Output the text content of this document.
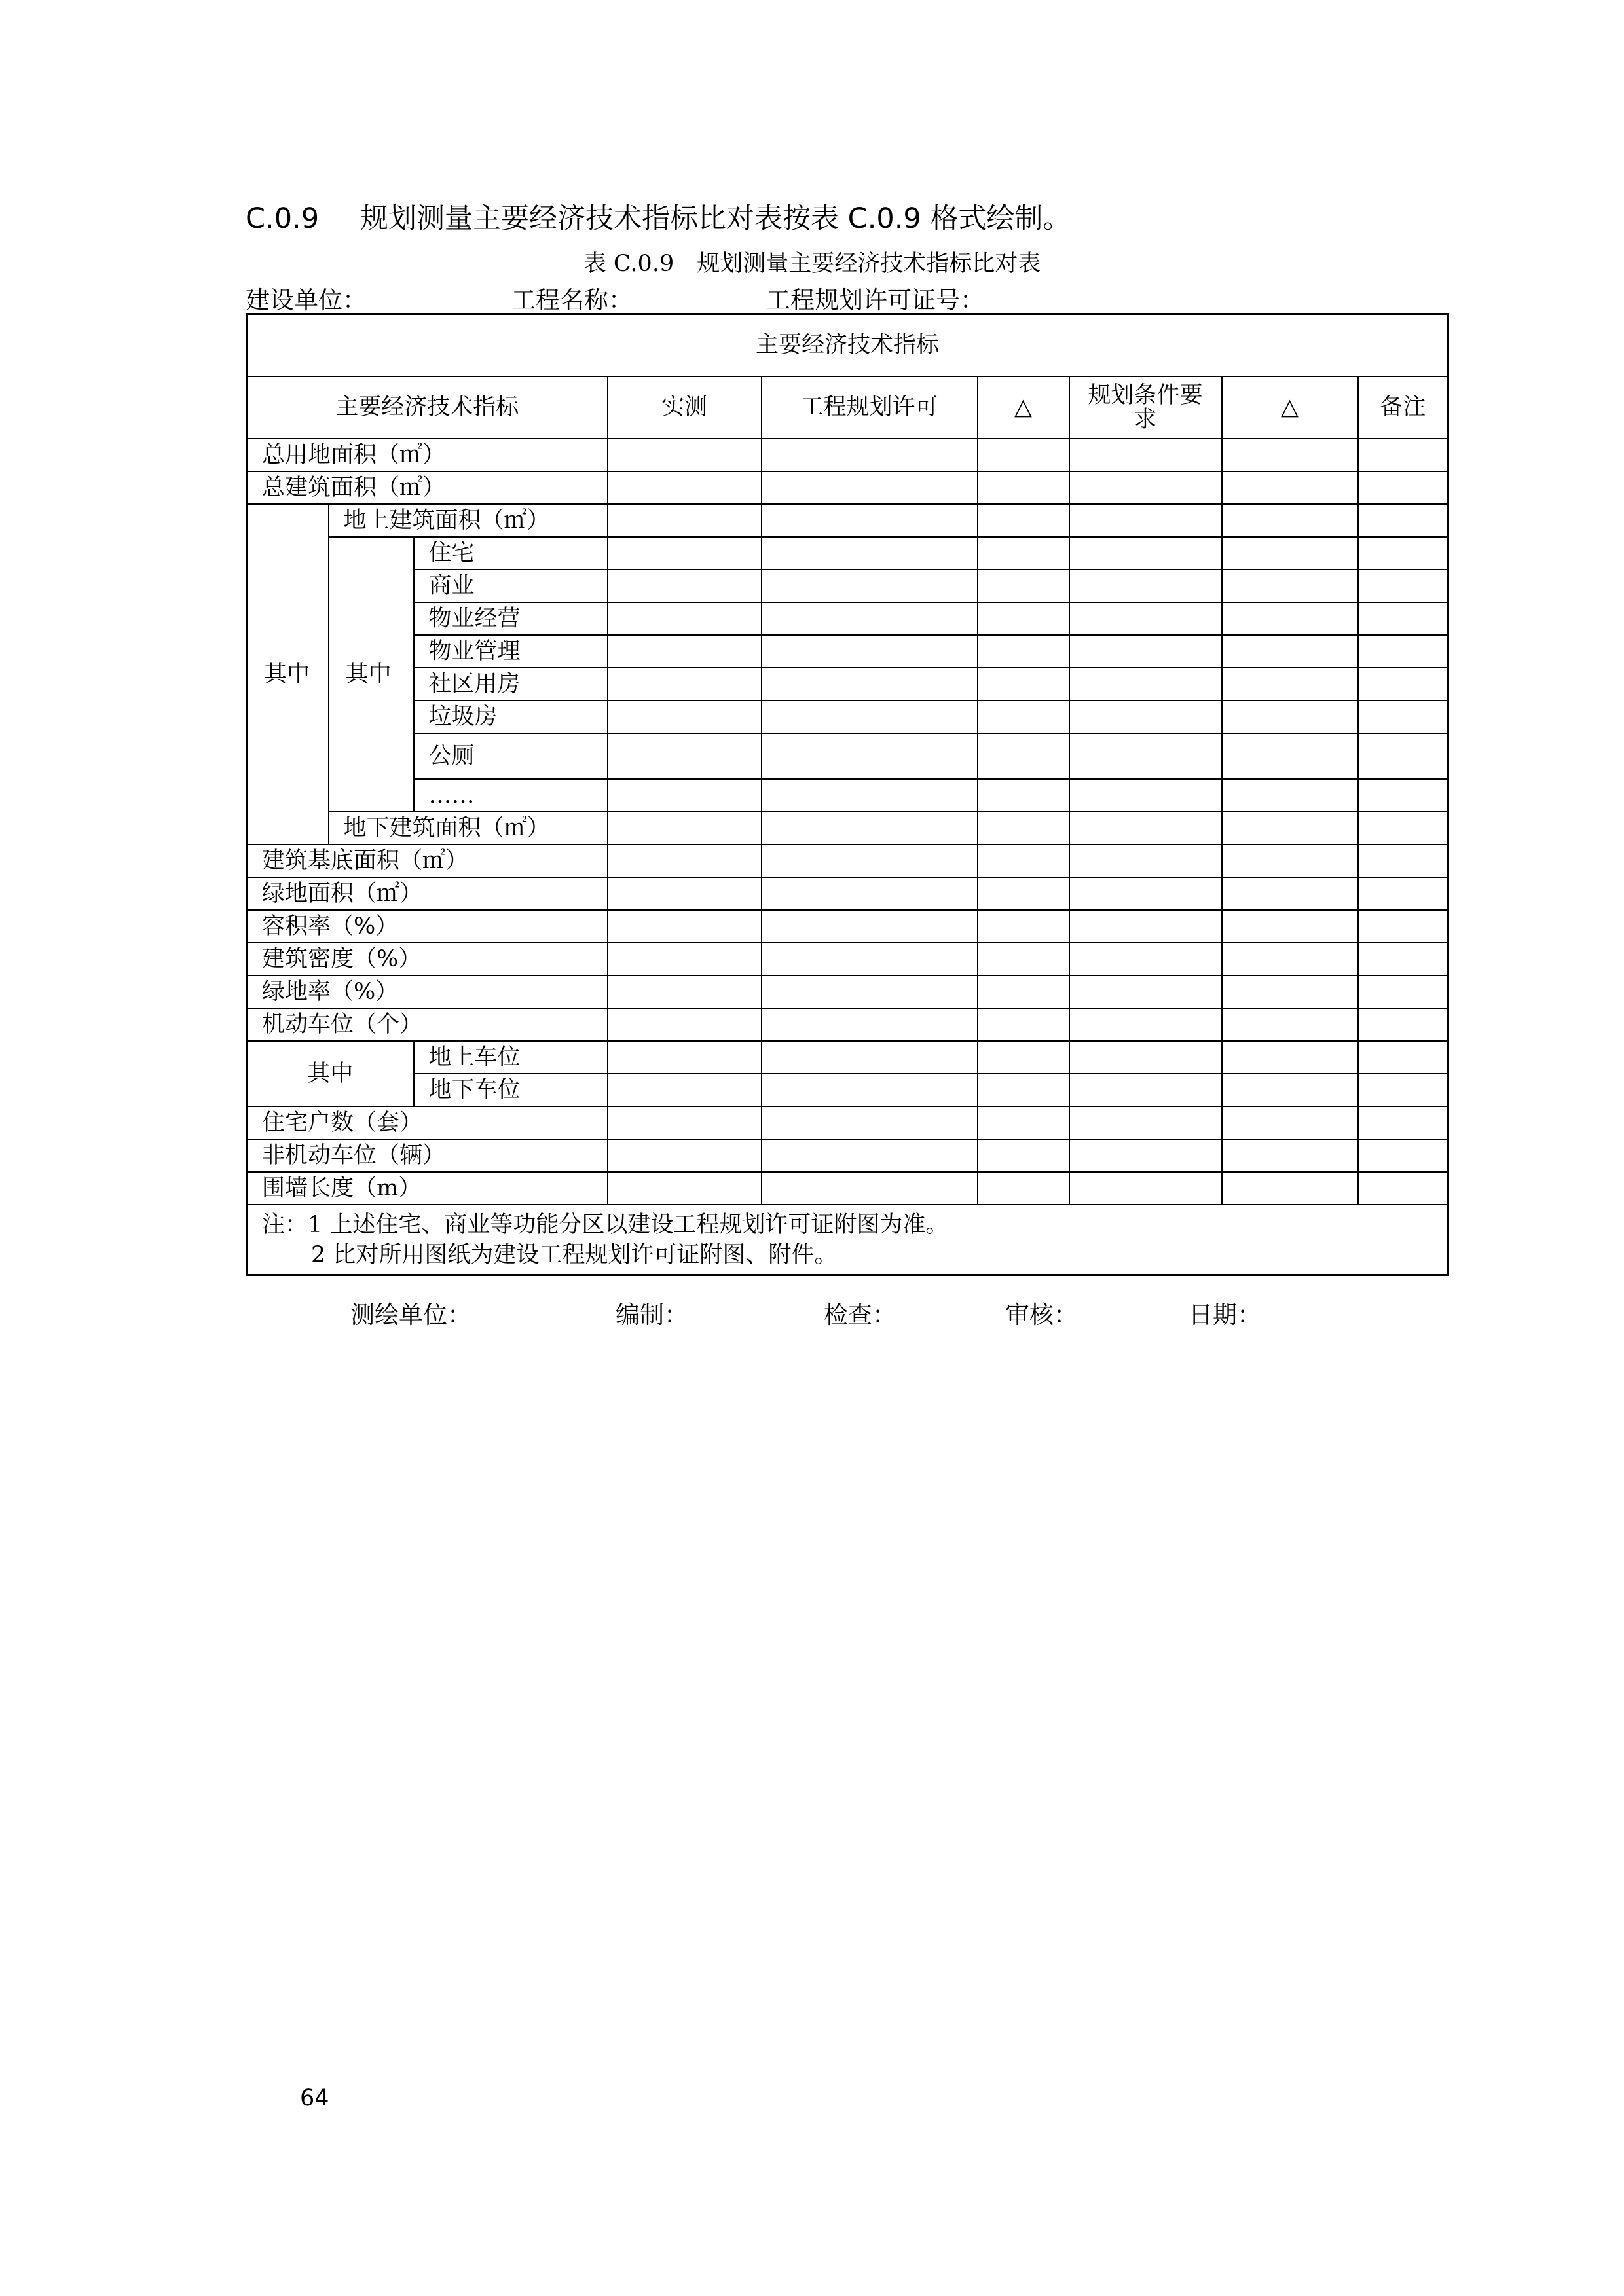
C.0.9 规划测量主要经济技术指标比对表按表 C.0.9 格式绘制。
表 C.0.9　规划测量主要经济技术指标比对表
建设单位：	工程名称：	工程规划许可证号：
主要经济技术指标								
主要经济技术指标			实测	工程规划许可	△	规划条件要求	△	备注
总用地面积（㎡）								
总建筑面积（㎡）								
其中	地上建筑面积（㎡）							
	其中	住宅						
		商业						
		物业经营						
		物业管理						
		社区用房						
		垃圾房						
		公厕						
		……						
	地下建筑面积（㎡）							
建筑基底面积（㎡）								
绿地面积（㎡）								
容积率（%）								
建筑密度（%）								
绿地率（%）								
机动车位（个）								
其中		地上车位						
		地下车位						
住宅户数（套）								
非机动车位（辆）								
围墙长度（m）								

注：1 上述住宅、商业等功能分区以建设工程规划许可证附图为准。
2 比对所用图纸为建设工程规划许可证附图、附件。								
测绘单位：	编制：	检查：	审核：	日期：
64
